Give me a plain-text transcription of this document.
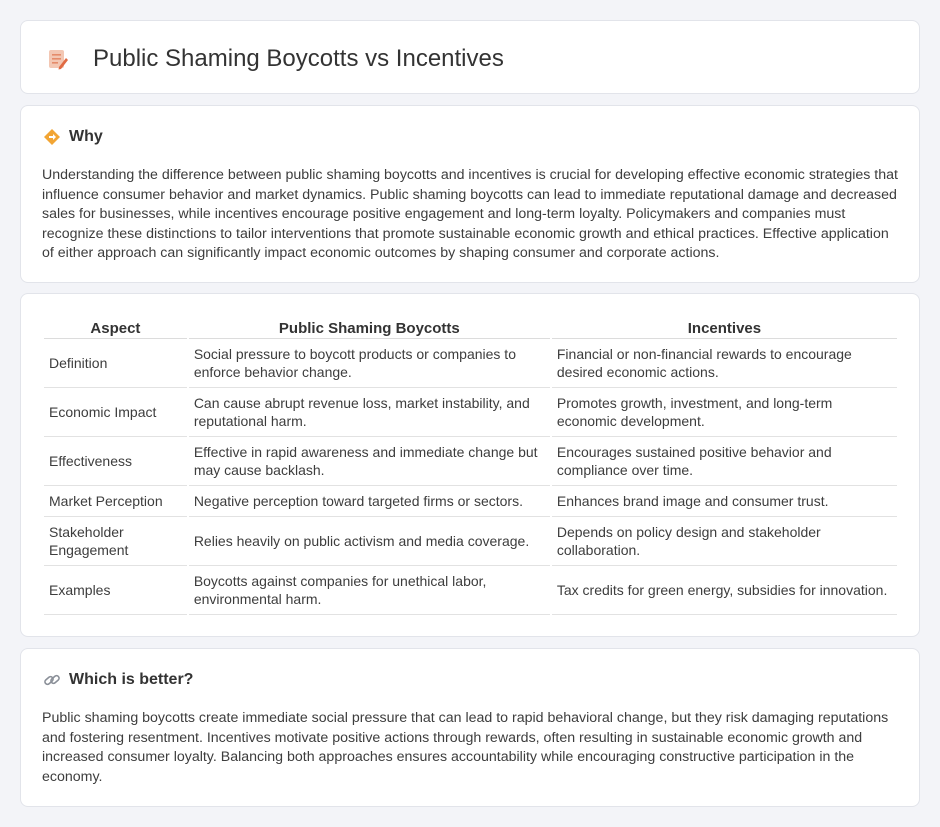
Public Shaming Boycotts vs Incentives
Why

Understanding the difference between public shaming boycotts and incentives is crucial for developing effective economic strategies that influence consumer behavior and market dynamics. Public shaming boycotts can lead to immediate reputational damage and decreased sales for businesses, while incentives encourage positive engagement and long-term loyalty. Policymakers and companies must recognize these distinctions to tailor interventions that promote sustainable economic growth and ethical practices. Effective application of either approach can significantly impact economic outcomes by shaping consumer and corporate actions.

Aspect	Public Shaming Boycotts	Incentives
Definition	Social pressure to boycott products or companies to enforce behavior change.	Financial or non-financial rewards to encourage desired economic actions.
Economic Impact	Can cause abrupt revenue loss, market instability, and reputational harm.	Promotes growth, investment, and long-term economic development.
Effectiveness	Effective in rapid awareness and immediate change but may cause backlash.	Encourages sustained positive behavior and compliance over time.
Market Perception	Negative perception toward targeted firms or sectors.	Enhances brand image and consumer trust.
Stakeholder Engagement	Relies heavily on public activism and media coverage.	Depends on policy design and stakeholder collaboration.
Examples	Boycotts against companies for unethical labor, environmental harm.	Tax credits for green energy, subsidies for innovation.
Which is better?

Public shaming boycotts create immediate social pressure that can lead to rapid behavioral change, but they risk damaging reputations and fostering resentment. Incentives motivate positive actions through rewards, often resulting in sustainable economic growth and increased consumer loyalty. Balancing both approaches ensures accountability while encouraging constructive participation in the economy.
